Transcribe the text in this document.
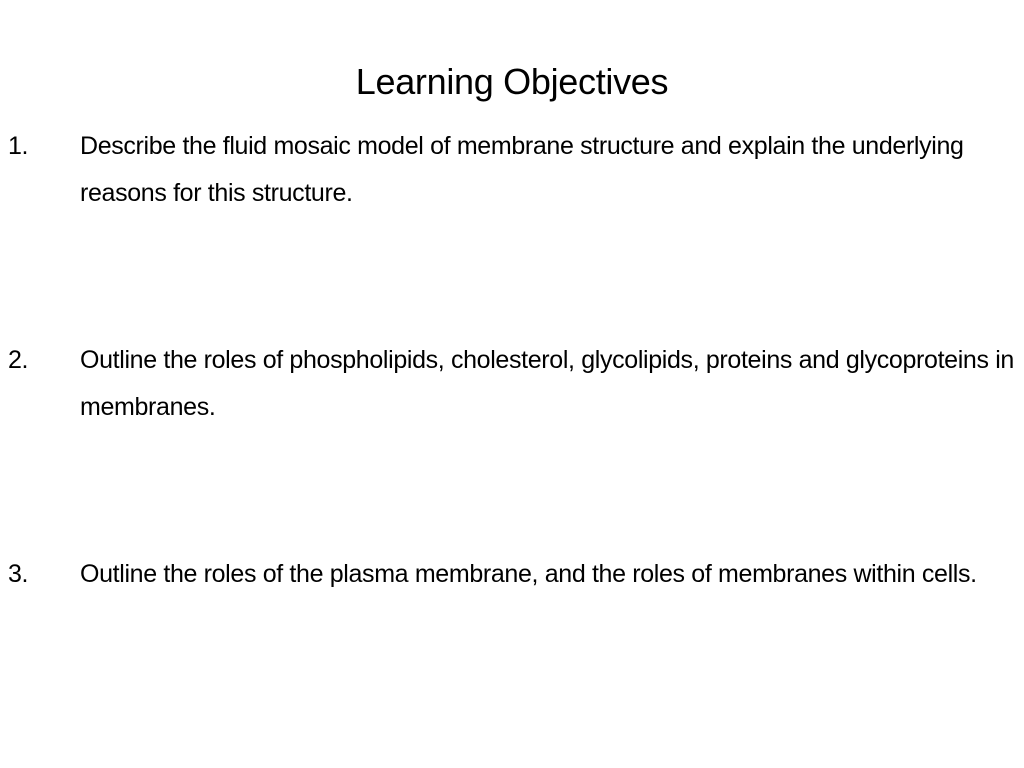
Learning Objectives
1.	Describe the fluid mosaic model of membrane structure and explain the underlying reasons for this structure.
2.	Outline the roles of phospholipids, cholesterol, glycolipids, proteins and glycoproteins in membranes.
3.	Outline the roles of the plasma membrane, and the roles of membranes within cells.
